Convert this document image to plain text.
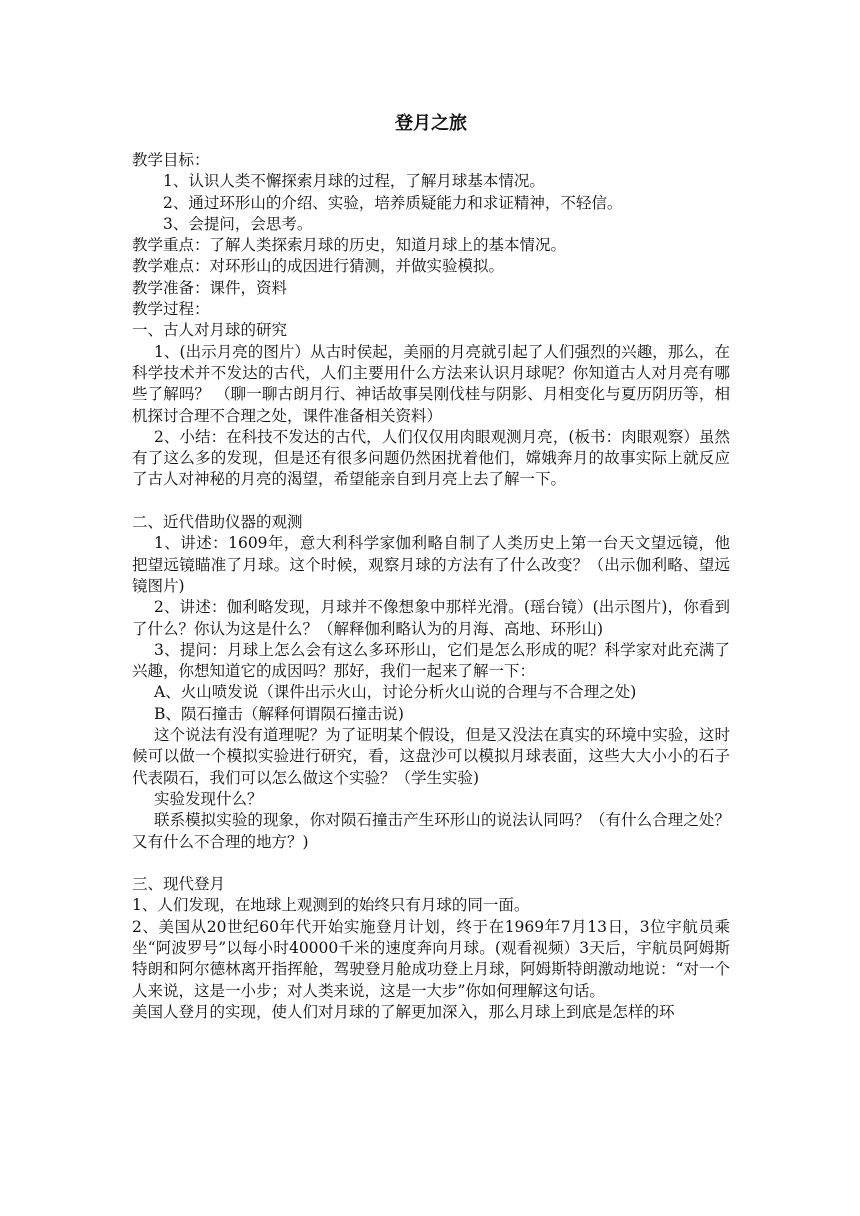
登月之旅

教学目标：

1、认识人类不懈探索月球的过程，了解月球基本情况。

2、通过环形山的介绍、实验，培养质疑能力和求证精神，不轻信。

3、会提问，会思考。

教学重点：了解人类探索月球的历史，知道月球上的基本情况。

教学难点：对环形山的成因进行猜测，并做实验模拟。

教学准备：课件，资料

教学过程：

一、古人对月球的研究

1、(出示月亮的图片）从古时侯起，美丽的月亮就引起了人们强烈的兴趣，那么，在科学技术并不发达的古代，人们主要用什么方法来认识月球呢？你知道古人对月亮有哪些了解吗？ （聊一聊古朗月行、神话故事吴刚伐桂与阴影、月相变化与夏历阴历等，相机探讨合理不合理之处，课件准备相关资料）

2、小结：在科技不发达的古代，人们仅仅用肉眼观测月亮，(板书：肉眼观察）虽然有了这么多的发现，但是还有很多问题仍然困扰着他们，嫦娥奔月的故事实际上就反应了古人对神秘的月亮的渴望，希望能亲自到月亮上去了解一下。

二、近代借助仪器的观测

1、讲述：1609年，意大利科学家伽利略自制了人类历史上第一台天文望远镜，他把望远镜瞄准了月球。这个时候，观察月球的方法有了什么改变？（出示伽利略、望远镜图片)

2、讲述：伽利略发现，月球并不像想象中那样光滑。(瑶台镜）(出示图片)，你看到了什么？你认为这是什么？（解释伽利略认为的月海、高地、环形山)

3、提问：月球上怎么会有这么多环形山，它们是怎么形成的呢？科学家对此充满了兴趣，你想知道它的成因吗？那好，我们一起来了解一下：

A、火山喷发说（课件出示火山，讨论分析火山说的合理与不合理之处)

B、陨石撞击（解释何谓陨石撞击说)

这个说法有没有道理呢？为了证明某个假设，但是又没法在真实的环境中实验，这时候可以做一个模拟实验进行研究，看，这盘沙可以模拟月球表面，这些大大小小的石子代表陨石，我们可以怎么做这个实验？（学生实验)

实验发现什么？

联系模拟实验的现象，你对陨石撞击产生环形山的说法认同吗？（有什么合理之处？又有什么不合理的地方？)

三、现代登月

1、人们发现，在地球上观测到的始终只有月球的同一面。

2、美国从20世纪60年代开始实施登月计划，终于在1969年7月13日，3位宇航员乘坐“阿波罗号”以每小时40000千米的速度奔向月球。(观看视频）3天后，宇航员阿姆斯特朗和阿尔德林离开指挥舱，驾驶登月舱成功登上月球，阿姆斯特朗激动地说：“对一个人来说，这是一小步；对人类来说，这是一大步”你如何理解这句话。

美国人登月的实现，使人们对月球的了解更加深入，那么月球上到底是怎样的环
